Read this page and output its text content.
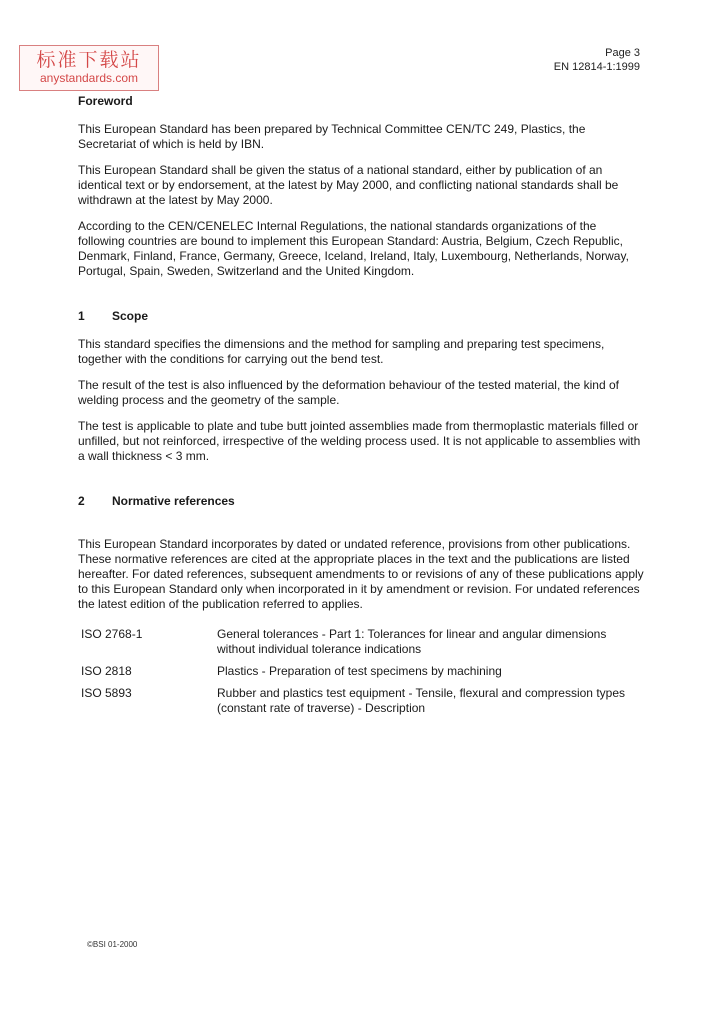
标准下载站
anystandards.com
Page 3
EN 12814-1:1999
Foreword

This European Standard has been prepared by Technical Committee CEN/TC 249, Plastics, the Secretariat of which is held by IBN.

This European Standard shall be given the status of a national standard, either by publication of an identical text or by endorsement, at the latest by May 2000, and conflicting national standards shall be withdrawn at the latest by May 2000.

According to the CEN/CENELEC Internal Regulations, the national standards organizations of the following countries are bound to implement this European Standard: Austria, Belgium, Czech Republic, Denmark, Finland, France, Germany, Greece, Iceland, Ireland, Italy, Luxembourg, Netherlands, Norway, Portugal, Spain, Sweden, Switzerland and the United Kingdom.

1 Scope

This standard specifies the dimensions and the method for sampling and preparing test specimens, together with the conditions for carrying out the bend test.

The result of the test is also influenced by the deformation behaviour of the tested material, the kind of welding process and the geometry of the sample.

The test is applicable to plate and tube butt jointed assemblies made from thermoplastic materials filled or unfilled, but not reinforced, irrespective of the welding process used. It is not applicable to assemblies with a wall thickness < 3 mm.

2 Normative references

This European Standard incorporates by dated or undated reference, provisions from other publications. These normative references are cited at the appropriate places in the text and the publications are listed hereafter. For dated references, subsequent amendments to or revisions of any of these publications apply to this European Standard only when incorporated in it by amendment or revision. For undated references the latest edition of the publication referred to applies.

ISO 2768-1	General tolerances - Part 1: Tolerances for linear and angular dimensions without individual tolerance indications
ISO 2818	Plastics - Preparation of test specimens by machining
ISO 5893	Rubber and plastics test equipment - Tensile, flexural and compression types (constant rate of traverse) - Description
©BSI 01-2000
